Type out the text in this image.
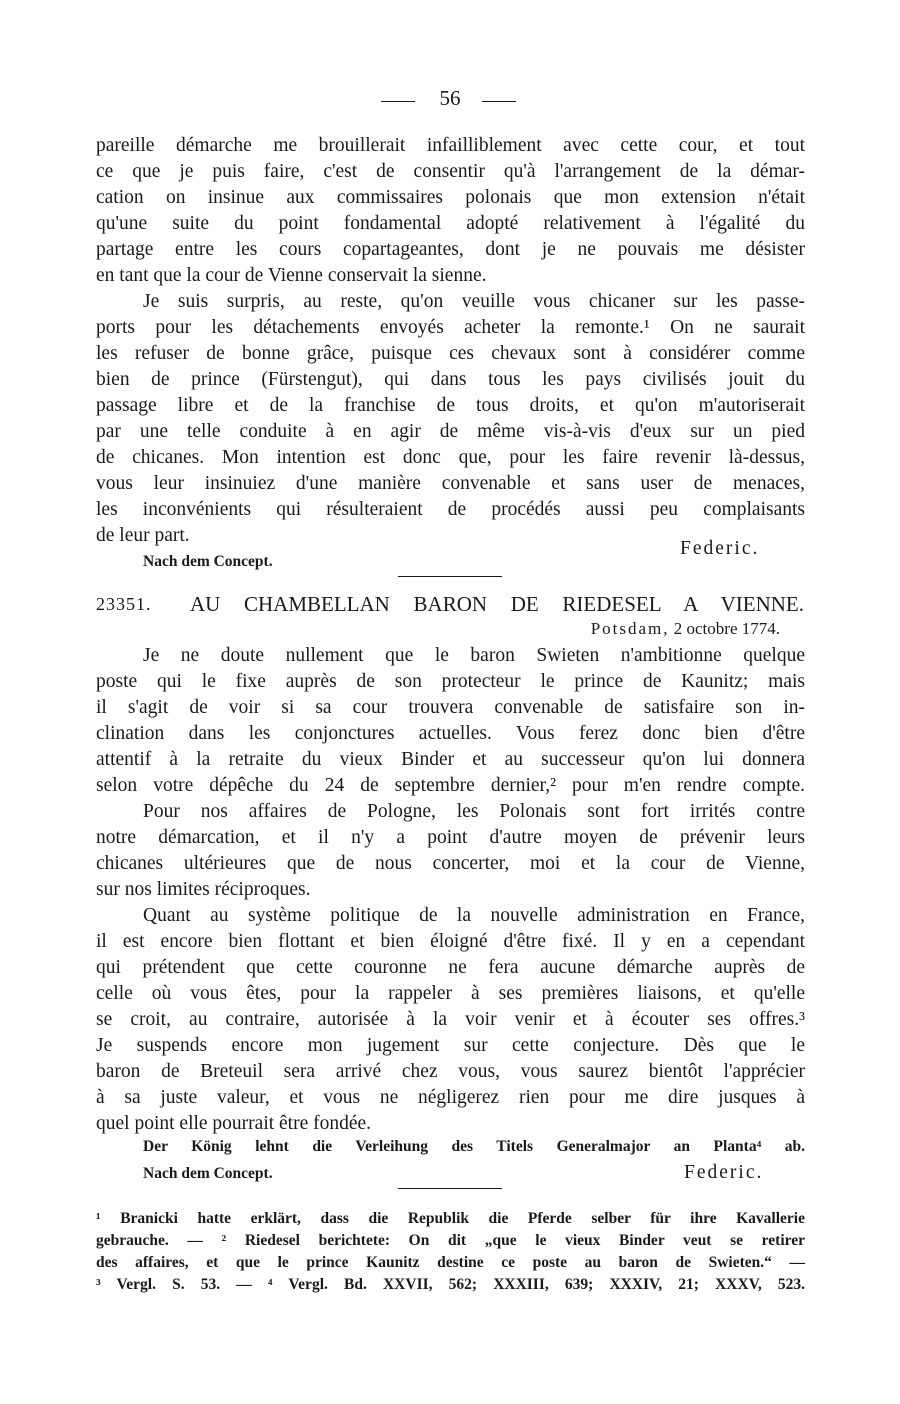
56
pareille démarche me brouillerait infailliblement avec cette cour, et tout
ce que je puis faire, c'est de consentir qu'à l'arrangement de la démar-
cation on insinue aux commissaires polonais que mon extension n'était
qu'une suite du point fondamental adopté relativement à l'égalité du
partage entre les cours copartageantes, dont je ne pouvais me désister
en tant que la cour de Vienne conservait la sienne.
Je suis surpris, au reste, qu'on veuille vous chicaner sur les passe-
ports pour les détachements envoyés acheter la remonte.¹ On ne saurait
les refuser de bonne grâce, puisque ces chevaux sont à considérer comme
bien de prince (Fürstengut), qui dans tous les pays civilisés jouit du
passage libre et de la franchise de tous droits, et qu'on m'autoriserait
par une telle conduite à en agir de même vis-à-vis d'eux sur un pied
de chicanes. Mon intention est donc que, pour les faire revenir là-dessus,
vous leur insinuiez d'une manière convenable et sans user de menaces,
les inconvénients qui résulteraient de procédés aussi peu complaisants
de leur part.
Federic.
Nach dem Concept.
23351. AU CHAMBELLAN BARON DE RIEDESEL A VIENNE.
Potsdam, 2 octobre 1774.
Je ne doute nullement que le baron Swieten n'ambitionne quelque
poste qui le fixe auprès de son protecteur le prince de Kaunitz; mais
il s'agit de voir si sa cour trouvera convenable de satisfaire son in-
clination dans les conjonctures actuelles. Vous ferez donc bien d'être
attentif à la retraite du vieux Binder et au successeur qu'on lui donnera
selon votre dépêche du 24 de septembre dernier,² pour m'en rendre compte.
Pour nos affaires de Pologne, les Polonais sont fort irrités contre
notre démarcation, et il n'y a point d'autre moyen de prévenir leurs
chicanes ultérieures que de nous concerter, moi et la cour de Vienne,
sur nos limites réciproques.
Quant au système politique de la nouvelle administration en France,
il est encore bien flottant et bien éloigné d'être fixé. Il y en a cependant
qui prétendent que cette couronne ne fera aucune démarche auprès de
celle où vous êtes, pour la rappeler à ses premières liaisons, et qu'elle
se croit, au contraire, autorisée à la voir venir et à écouter ses offres.³
Je suspends encore mon jugement sur cette conjecture. Dès que le
baron de Breteuil sera arrivé chez vous, vous saurez bientôt l'apprécier
à sa juste valeur, et vous ne négligerez rien pour me dire jusques à
quel point elle pourrait être fondée.
Der König lehnt die Verleihung des Titels Generalmajor an Planta⁴ ab.
Nach dem Concept.	Federic.
¹ Branicki hatte erklärt, dass die Republik die Pferde selber für ihre Kavallerie
gebrauche. — ² Riedesel berichtete: On dit „que le vieux Binder veut se retirer
des affaires, et que le prince Kaunitz destine ce poste au baron de Swieten.“ —
³ Vergl. S. 53. — ⁴ Vergl. Bd. XXVII, 562; XXXIII, 639; XXXIV, 21; XXXV, 523.
